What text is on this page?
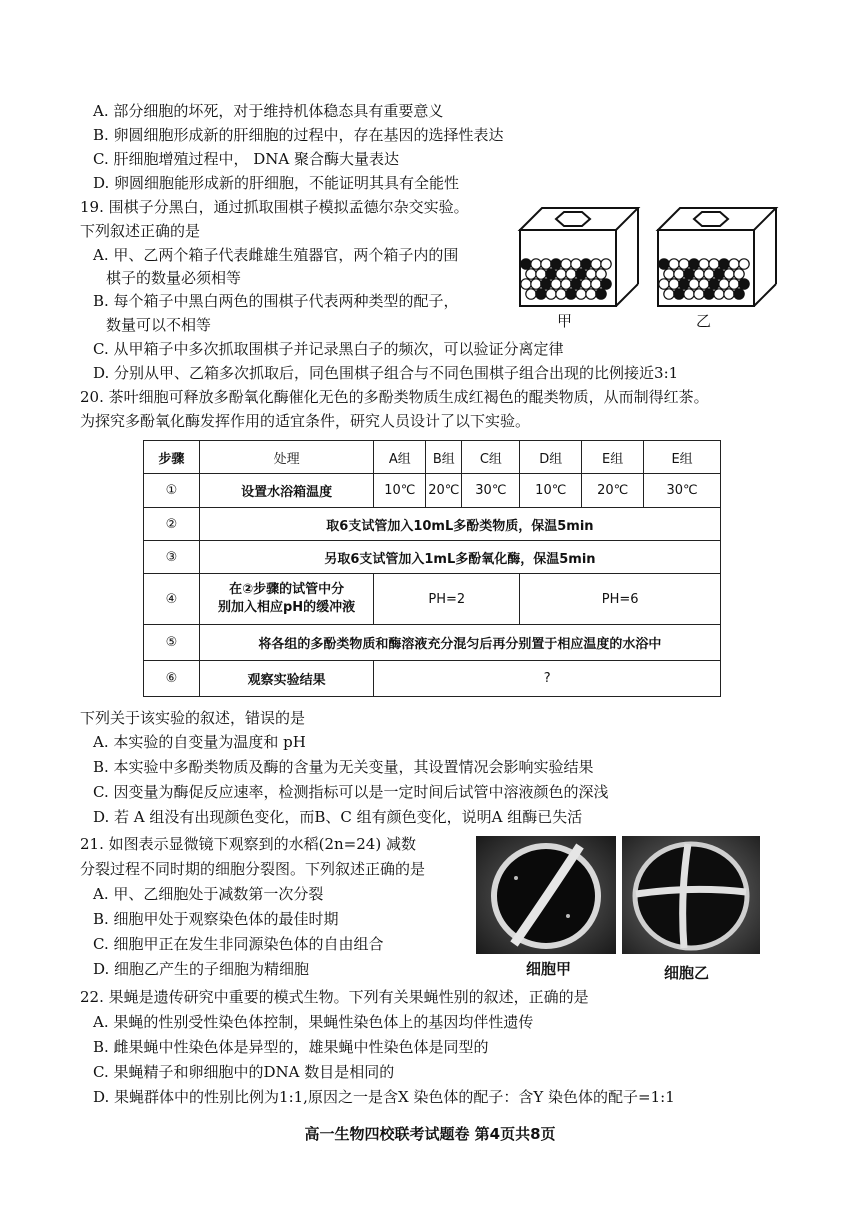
A. 部分细胞的坏死，对于维持机体稳态具有重要意义
B. 卵圆细胞形成新的肝细胞的过程中，存在基因的选择性表达
C. 肝细胞增殖过程中， DNA 聚合酶大量表达
D. 卵圆细胞能形成新的肝细胞，不能证明其具有全能性
19. 围棋子分黑白，通过抓取围棋子模拟孟德尔杂交实验。
下列叙述正确的是
A. 甲、乙两个箱子代表雌雄生殖器官，两个箱子内的围
棋子的数量必须相等
B. 每个箱子中黑白两色的围棋子代表两种类型的配子，
数量可以不相等
C. 从甲箱子中多次抓取围棋子并记录黑白子的频次，可以验证分离定律
D. 分别从甲、乙箱多次抓取后，同色围棋子组合与不同色围棋子组合出现的比例接近3:1
甲	乙
20. 茶叶细胞可释放多酚氧化酶催化无色的多酚类物质生成红褐色的醌类物质，从而制得红茶。
为探究多酚氧化酶发挥作用的适宜条件，研究人员设计了以下实验。
步骤	处理	A组	B组	C组	D组	E组	E组
①	设置水浴箱温度	10℃	20℃	30℃	10℃	20℃	30℃
②	取6支试管加入10mL多酚类物质，保温5min						
③	另取6支试管加入1mL多酚氧化酶，保温5min						
④	在②步骤的试管中分
别加入相应pH的缓冲液	PH=2			PH=6		
⑤	将各组的多酚类物质和酶溶液充分混匀后再分别置于相应温度的水浴中						
⑥	观察实验结果	?					
下列关于该实验的叙述，错误的是
A. 本实验的自变量为温度和 pH
B. 本实验中多酚类物质及酶的含量为无关变量，其设置情况会影响实验结果
C. 因变量为酶促反应速率，检测指标可以是一定时间后试管中溶液颜色的深浅
D. 若 A 组没有出现颜色变化，而B、C 组有颜色变化，说明A 组酶已失活
21. 如图表示显微镜下观察到的水稻(2n=24) 减数
分裂过程不同时期的细胞分裂图。下列叙述正确的是
A. 甲、乙细胞处于减数第一次分裂
B. 细胞甲处于观察染色体的最佳时期
C. 细胞甲正在发生非同源染色体的自由组合
D. 细胞乙产生的子细胞为精细胞	细胞甲	细胞乙
22. 果蝇是遗传研究中重要的模式生物。下列有关果蝇性别的叙述，正确的是
A. 果蝇的性别受性染色体控制，果蝇性染色体上的基因均伴性遗传
B. 雌果蝇中性染色体是异型的，雄果蝇中性染色体是同型的
C. 果蝇精子和卵细胞中的DNA 数目是相同的
D. 果蝇群体中的性别比例为1:1,原因之一是含X 染色体的配子：含Y 染色体的配子=1:1
高一生物四校联考试题卷 第4页共8页
